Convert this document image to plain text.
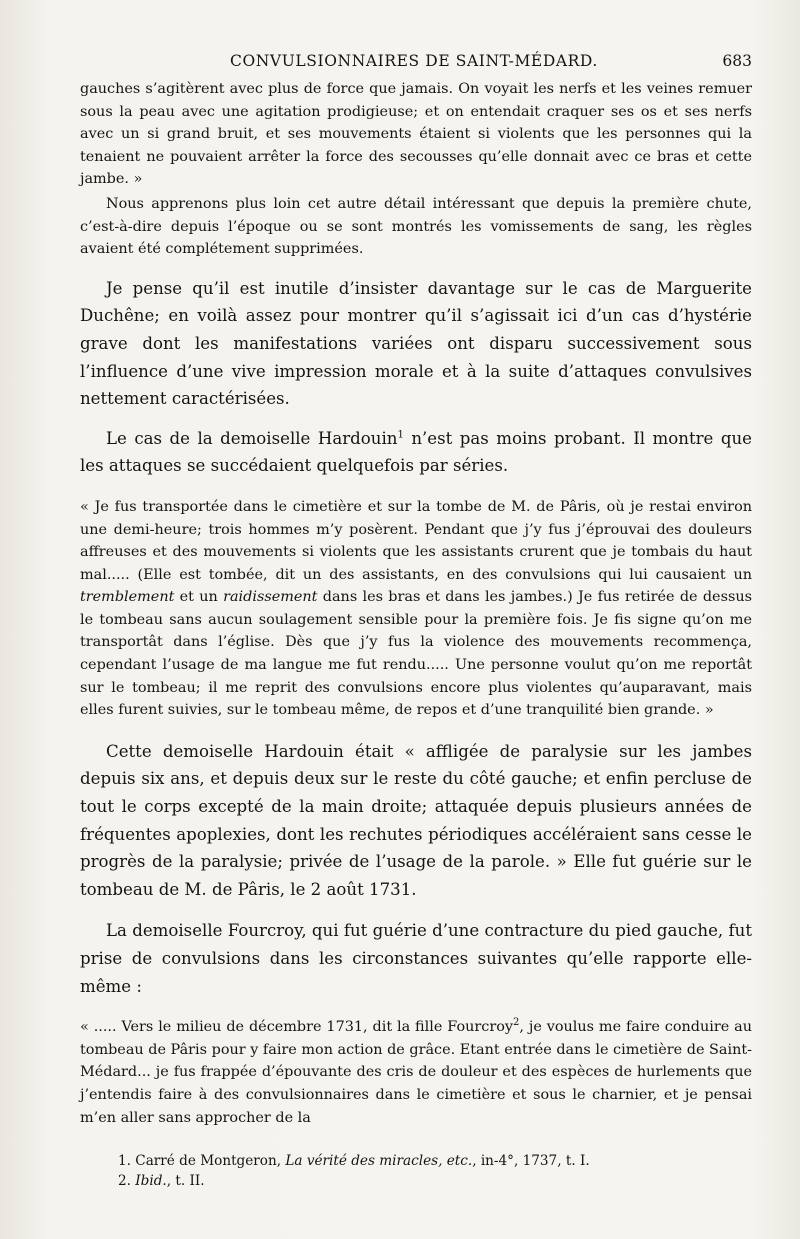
CONVULSIONNAIRES DE SAINT-MÉDARD.	683

gauches s’agitèrent avec plus de force que jamais. On voyait les nerfs et les veines remuer sous la peau avec une agitation prodigieuse; et on entendait craquer ses os et ses nerfs avec un si grand bruit, et ses mouvements étaient si violents que les personnes qui la tenaient ne pouvaient arrêter la force des secousses qu’elle donnait avec ce bras et cette jambe. »

Nous apprenons plus loin cet autre détail intéressant que depuis la première chute, c’est-à-dire depuis l’époque ou se sont montrés les vomissements de sang, les règles avaient été complétement supprimées.

Je pense qu’il est inutile d’insister davantage sur le cas de Marguerite Duchêne; en voilà assez pour montrer qu’il s’agissait ici d’un cas d’hystérie grave dont les manifestations variées ont disparu successivement sous l’influence d’une vive impression morale et à la suite d’attaques convulsives nettement caractérisées.

Le cas de la demoiselle Hardouin$^1$ n’est pas moins probant. Il montre que les attaques se succédaient quelquefois par séries.

« Je fus transportée dans le cimetière et sur la tombe de M. de Pâris, où je restai environ une demi-heure; trois hommes m’y posèrent. Pendant que j’y fus j’éprouvai des douleurs affreuses et des mouvements si violents que les assistants crurent que je tombais du haut mal..... (Elle est tombée, dit un des assistants, en des convulsions qui lui causaient un tremblement et un raidissement dans les bras et dans les jambes.) Je fus retirée de dessus le tombeau sans aucun soulagement sensible pour la première fois. Je fis signe qu’on me transportât dans l’église. Dès que j’y fus la violence des mouvements recommença, cependant l’usage de ma langue me fut rendu..... Une personne voulut qu’on me reportât sur le tombeau; il me reprit des convulsions encore plus violentes qu’auparavant, mais elles furent suivies, sur le tombeau même, de repos et d’une tranquilité bien grande. »

Cette demoiselle Hardouin était « affligée de paralysie sur les jambes depuis six ans, et depuis deux sur le reste du côté gauche; et enfin percluse de tout le corps excepté de la main droite; attaquée depuis plusieurs années de fréquentes apoplexies, dont les rechutes périodiques accéléraient sans cesse le progrès de la paralysie; privée de l’usage de la parole. » Elle fut guérie sur le tombeau de M. de Pâris, le 2 août 1731.

La demoiselle Fourcroy, qui fut guérie d’une contracture du pied gauche, fut prise de convulsions dans les circonstances suivantes qu’elle rapporte elle-même :

« ..... Vers le milieu de décembre 1731, dit la fille Fourcroy$^2$, je voulus me faire conduire au tombeau de Pâris pour y faire mon action de grâce. Etant entrée dans le cimetière de Saint-Médard... je fus frappée d’épouvante des cris de douleur et des espèces de hurlements que j’entendis faire à des convulsionnaires dans le cimetière et sous le charnier, et je pensai m’en aller sans approcher de la

1. Carré de Montgeron, La vérité des miracles, etc., in-4°, 1737, t. I.
2. Ibid., t. II.
